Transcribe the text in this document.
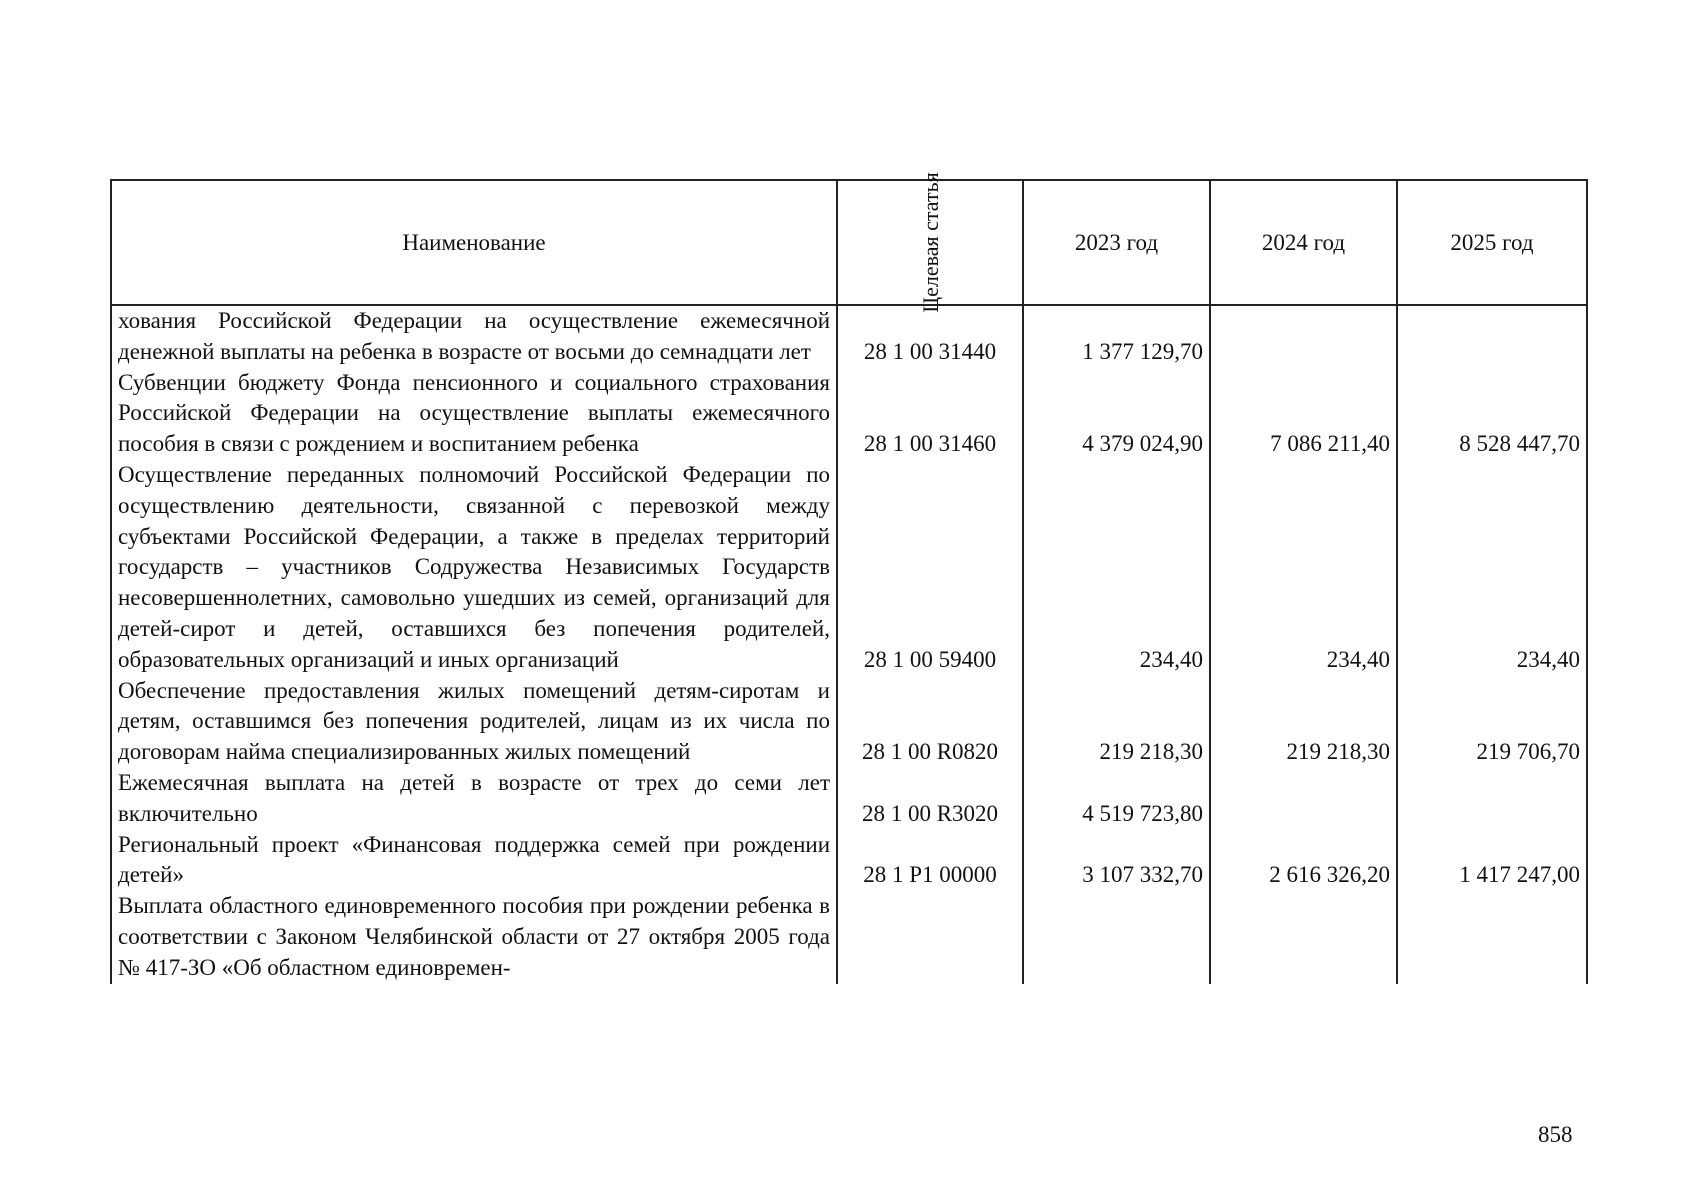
Наименование	Целевая статья	2023 год	2024 год	2025 год
хования Российской Федерации на осуществление ежемесячной денежной выплаты на ребенка в возрасте от восьми до семнадцати лет	28 1 00 31440	1 377 129,70		
Субвенции бюджету Фонда пенсионного и социального страхования Российской Федерации на осуществление выплаты ежемесячного пособия в связи с рождением и воспитанием ребенка	28 1 00 31460	4 379 024,90	7 086 211,40	8 528 447,70
Осуществление переданных полномочий Российской Федерации по осуществлению деятельности, связанной с перевозкой между субъектами Российской Федерации, а также в пределах территорий государств – участников Содружества Независимых Государств несовершеннолетних, самовольно ушедших из семей, организаций для детей-сирот и детей, оставшихся без попечения родителей, образовательных организаций и иных организаций	28 1 00 59400	234,40	234,40	234,40
Обеспечение предоставления жилых помещений детям-сиротам и детям, оставшимся без попечения родителей, лицам из их числа по договорам найма специализированных жилых помещений	28 1 00 R0820	219 218,30	219 218,30	219 706,70
Ежемесячная выплата на детей в возрасте от трех до семи лет включительно	28 1 00 R3020	4 519 723,80		
Региональный проект «Финансовая поддержка семей при рождении детей»	28 1 P1 00000	3 107 332,70	2 616 326,20	1 417 247,00
Выплата областного единовременного пособия при рождении ребенка в соответствии с Законом Челябинской области от 27 октября 2005 года № 417-ЗО «Об областном единовремен-				
858
